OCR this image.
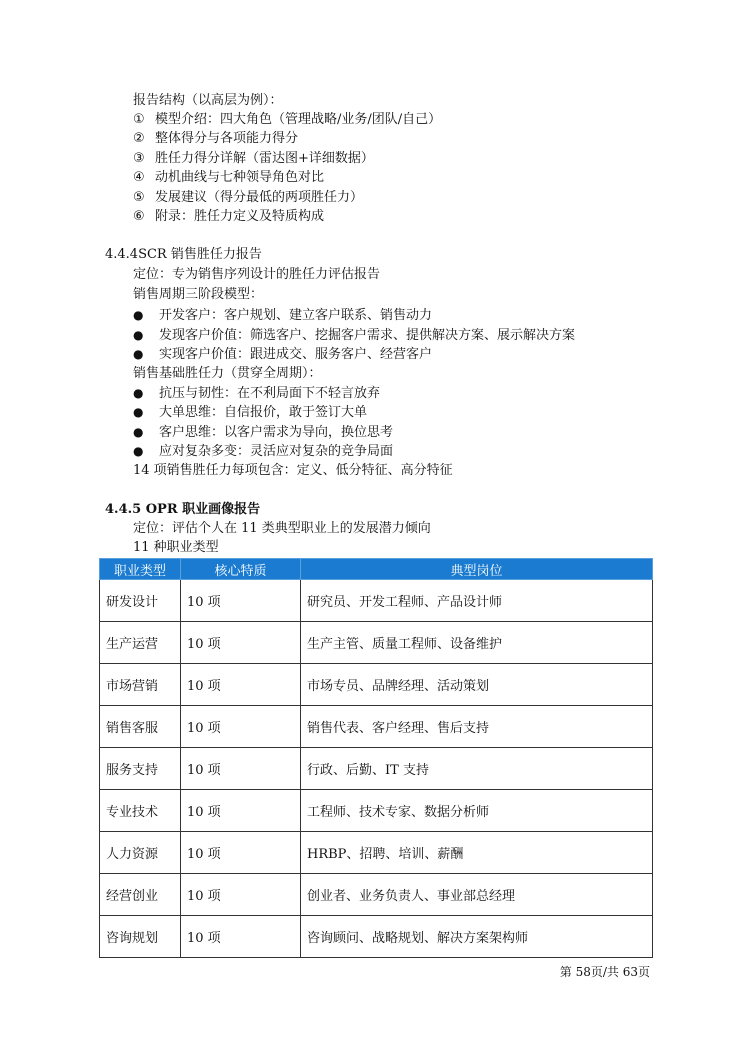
报告结构（以高层为例）：
① 模型介绍：四大角色（管理战略/业务/团队/自己）
② 整体得分与各项能力得分
③ 胜任力得分详解（雷达图+详细数据）
④ 动机曲线与七种领导角色对比
⑤ 发展建议（得分最低的两项胜任力）
⑥ 附录：胜任力定义及特质构成
4.4.4SCR 销售胜任力报告
定位：专为销售序列设计的胜任力评估报告
销售周期三阶段模型：
● 开发客户：客户规划、建立客户联系、销售动力
● 发现客户价值：筛选客户、挖掘客户需求、提供解决方案、展示解决方案
● 实现客户价值：跟进成交、服务客户、经营客户
销售基础胜任力（贯穿全周期）：
● 抗压与韧性：在不利局面下不轻言放弃
● 大单思维：自信报价，敢于签订大单
● 客户思维：以客户需求为导向，换位思考
● 应对复杂多变：灵活应对复杂的竞争局面
14 项销售胜任力每项包含：定义、低分特征、高分特征
4.4.5 OPR 职业画像报告
定位：评估个人在 11 类典型职业上的发展潜力倾向
11 种职业类型
职业类型	核心特质	典型岗位
研发设计	10 项	研究员、开发工程师、产品设计师
生产运营	10 项	生产主管、质量工程师、设备维护
市场营销	10 项	市场专员、品牌经理、活动策划
销售客服	10 项	销售代表、客户经理、售后支持
服务支持	10 项	行政、后勤、IT 支持
专业技术	10 项	工程师、技术专家、数据分析师
人力资源	10 项	HRBP、招聘、培训、薪酬
经营创业	10 项	创业者、业务负责人、事业部总经理
咨询规划	10 项	咨询顾问、战略规划、解决方案架构师
第 58页/共 63页
